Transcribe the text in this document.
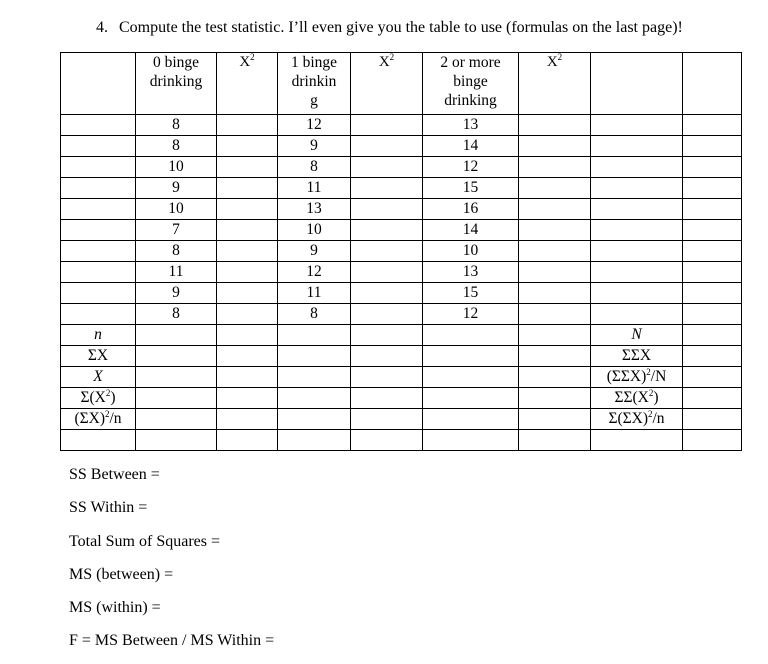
4. Compute the test statistic. I’ll even give you the table to use (formulas on the last page)!
	0 binge
drinking	$X^2$	1 binge
drinkin
g	$X^2$	2 or more
binge
drinking	$X^2$		
	8		12		13			
	8		9		14			
	10		8		12			
	9		11		15			
	10		13		16			
	7		10		14			
	8		9		10			
	11		12		13			
	9		11		15			
	8		8		12			
n							N	
ΣX							ΣΣX	
X							$(\Sigma\Sigma X)^2/N$	
$\Sigma(X^2)$							$\Sigma\Sigma(X^2)$	
$(\Sigma X)^2/n$							$\Sigma(\Sigma X)^2/n$	

SS Between =
SS Within =
Total Sum of Squares =
MS (between) =
MS (within) =
F = MS Between / MS Within =
